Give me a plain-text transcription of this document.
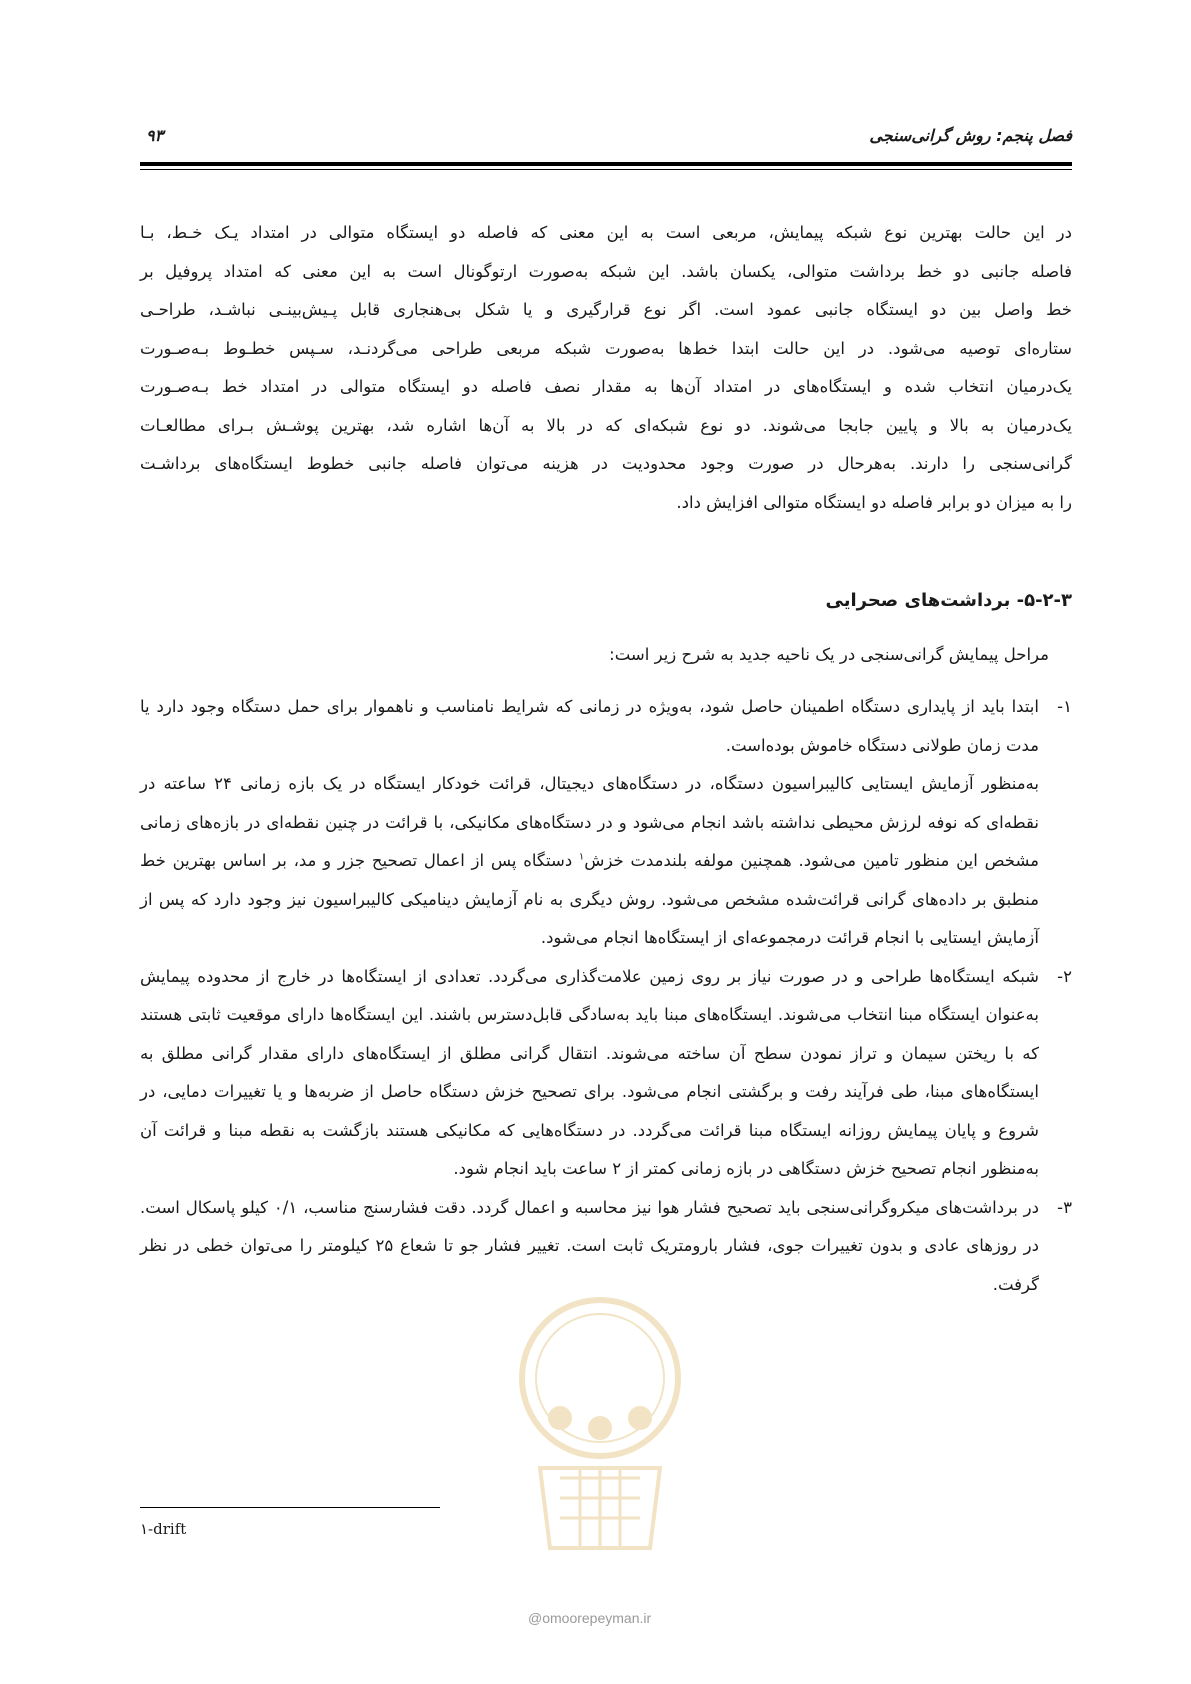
فصل پنجم: روش گرانی‌سنجی
۹۳

در این حالت بهترین نوع شبکه پیمایش، مربعی است به این معنی که فاصله دو ایستگاه متوالی در امتداد یـک خـط، بـا

فاصله جانبی دو خط برداشت متوالی، یکسان باشد. این شبکه به‌صورت ارتوگونال است به این معنی که امتداد پروفیل بر

خط واصل بین دو ایستگاه جانبی عمود است. اگر نوع قرارگیری و یا شکل بی‌هنجاری قابل پـیش‌بینـی نباشـد، طراحـی

ستاره‌ای توصیه می‌شود. در این حالت ابتدا خط‌ها به‌صورت شبکه مربعی طراحی می‌گردنـد، سـپس خطـوط بـه‌صـورت

یک‌درمیان انتخاب شده و ایستگاه‌های در امتداد آن‌ها به مقدار نصف فاصله دو ایستگاه متوالی در امتداد خط بـه‌صـورت

یک‌درمیان به بالا و پایین جابجا می‌شوند. دو نوع شبکه‌ای که در بالا به آن‌ها اشاره شد، بهترین پوشـش بـرای مطالعـات

گرانی‌سنجی را دارند. به‌هرحال در صورت وجود محدودیت در هزینه می‌توان فاصله جانبی خطوط ایستگاه‌های برداشـت

را به میزان دو برابر فاصله دو ایستگاه متوالی افزایش داد.

۵-۲-۳- برداشت‌های صحرایی
مراحل پیمایش گرانی‌سنجی در یک ناحیه جدید به شرح زیر است:
۱-
ابتدا باید از پایداری دستگاه اطمینان حاصل شود، به‌ویژه در زمانی که شرایط نامناسب و ناهموار برای حمل دستگاه وجود دارد یا مدت زمان طولانی دستگاه خاموش بوده‌است.
به‌منظور آزمایش ایستایی کالیبراسیون دستگاه، در دستگاه‌های دیجیتال، قرائت خودکار ایستگاه در یک بازه زمانی ۲۴ ساعته در نقطه‌ای که نوفه لرزش محیطی نداشته باشد انجام می‌شود و در دستگاه‌های مکانیکی، با قرائت در چنین نقطه‌ای در بازه‌های زمانی مشخص این منظور تامین می‌شود. همچنین مولفه بلندمدت خزش$^۱$ دستگاه پس از اعمال تصحیح جزر و مد، بر اساس بهترین خط منطبق بر داده‌های گرانی قرائت‌شده مشخص می‌شود. روش دیگری به نام آزمایش دینامیکی کالیبراسیون نیز وجود دارد که پس از آزمایش ایستایی با انجام قرائت درمجموعه‌ای از ایستگاه‌ها انجام می‌شود.
۲-
شبکه ایستگاه‌ها طراحی و در صورت نیاز بر روی زمین علامت‌گذاری می‌گردد. تعدادی از ایستگاه‌ها در خارج از محدوده پیمایش به‌عنوان ایستگاه مبنا انتخاب می‌شوند. ایستگاه‌های مبنا باید به‌سادگی قابل‌دسترس باشند. این ایستگاه‌ها دارای موقعیت ثابتی هستند که با ریختن سیمان و تراز نمودن سطح آن ساخته می‌شوند. انتقال گرانی مطلق از ایستگاه‌های دارای مقدار گرانی مطلق به ایستگاه‌های مبنا، طی فرآیند رفت و برگشتی انجام می‌شود. برای تصحیح خزش دستگاه حاصل از ضربه‌ها و یا تغییرات دمایی، در شروع و پایان پیمایش روزانه ایستگاه مبنا قرائت می‌گردد. در دستگاه‌هایی که مکانیکی هستند بازگشت به نقطه مبنا و قرائت آن به‌منظور انجام تصحیح خزش دستگاهی در بازه زمانی کمتر از ۲ ساعت باید انجام شود.
۳-
در برداشت‌های میکروگرانی‌سنجی باید تصحیح فشار هوا نیز محاسبه و اعمال گردد. دقت فشارسنج مناسب، ۰/۱ کیلو پاسکال است. در روزهای عادی و بدون تغییرات جوی، فشار بارومتریک ثابت است. تغییر فشار جو تا شعاع ۲۵ کیلومتر را می‌توان خطی در نظر گرفت.
۱-drift
@omoorepeyman.ir
